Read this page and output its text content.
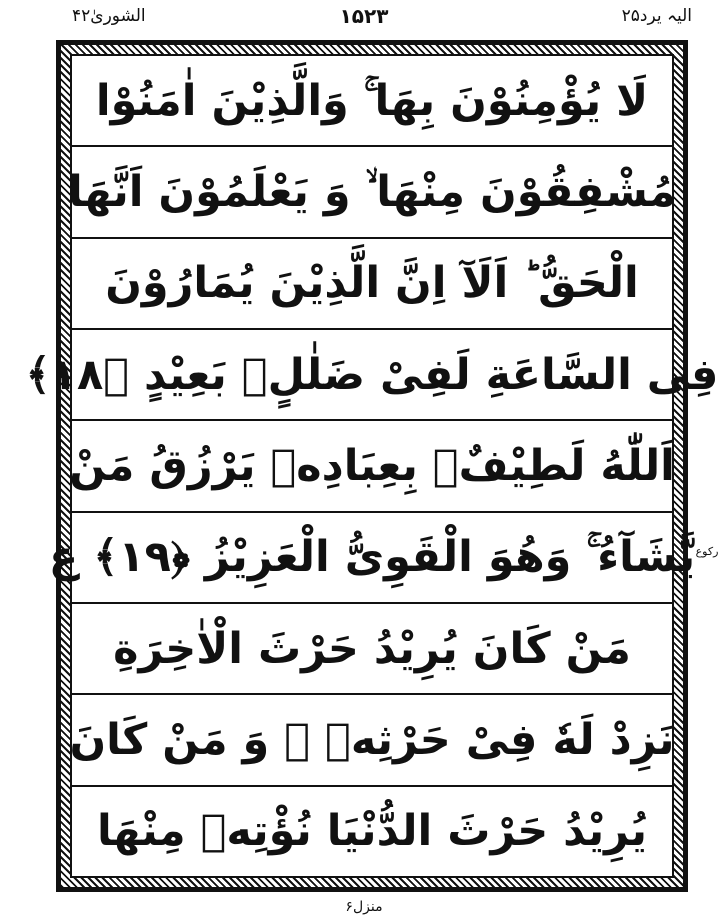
الشوریٰ۴۲	۱۵۲۳	الیہ یرد۲۵
لَا یُؤْمِنُوْنَ بِهَا ۚ وَالَّذِیْنَ اٰمَنُوْا
مُشْفِقُوْنَ مِنْهَا ۙ وَ یَعْلَمُوْنَ اَنَّهَا
الْحَقُّ ؕ اَلَآ اِنَّ الَّذِیْنَ یُمَارُوْنَ
فِی السَّاعَةِ لَفِیْ ضَلٰلٍۭ بَعِیْدٍ ﴿۱۸﴾
اَللّٰهُ لَطِیْفٌۢ بِعِبَادِهٖ یَرْزُقُ مَنْ
یَّشَآءُ ۚ وَهُوَ الْقَوِیُّ الْعَزِیْزُ ﴿۱۹﴾ ع
مَنْ كَانَ یُرِیْدُ حَرْثَ الْاٰخِرَةِ
نَزِدْ لَهٗ فِیْ حَرْثِهٖ ۚ وَ مَنْ كَانَ
یُرِیْدُ حَرْثَ الدُّنْیَا نُؤْتِهٖ مِنْهَا
رکوع
منزل۶
